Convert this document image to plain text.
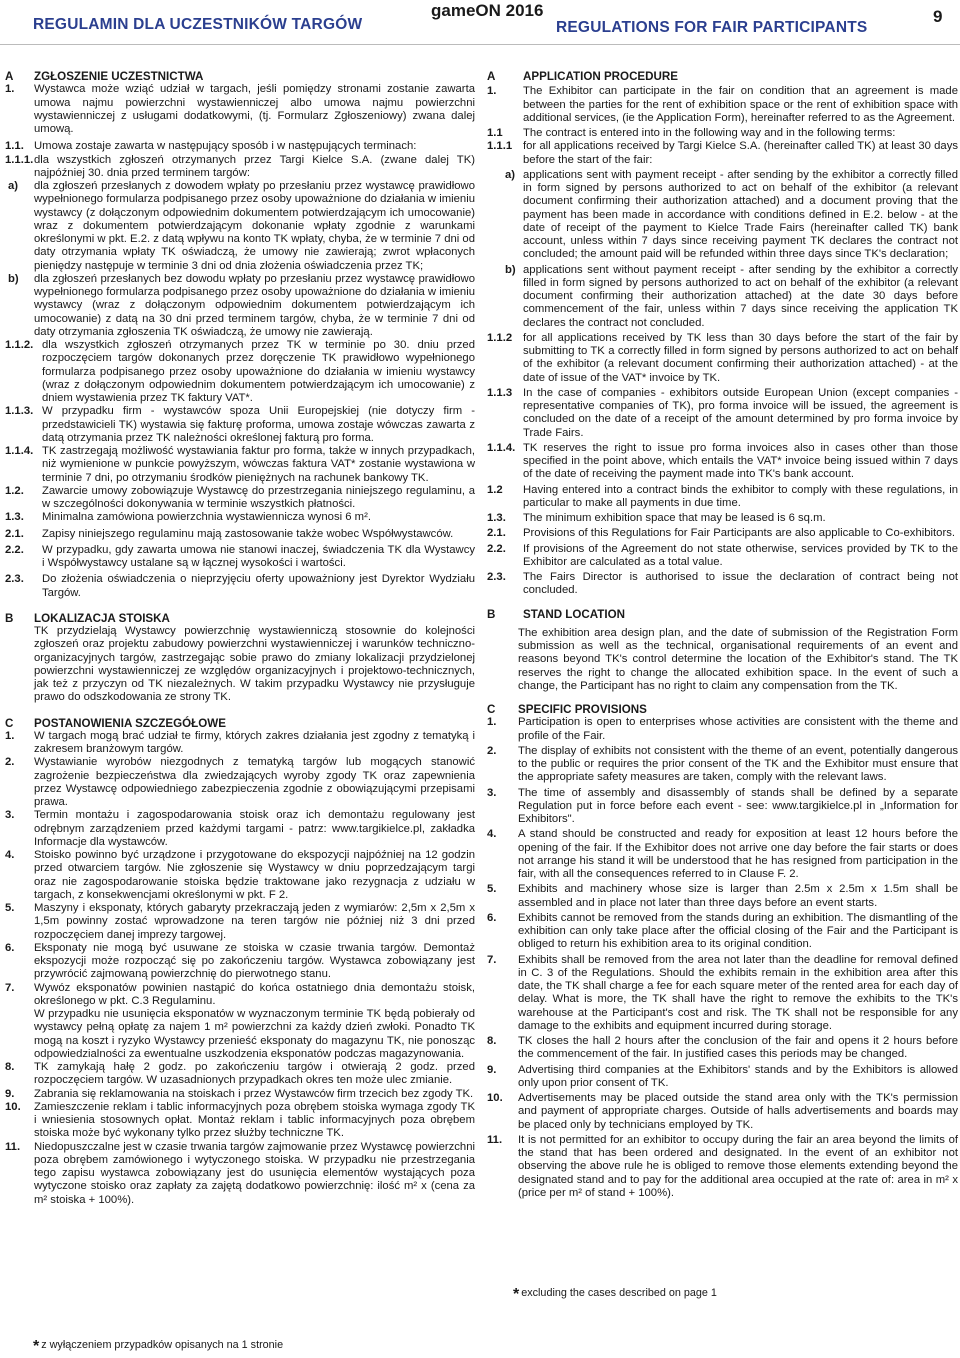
REGULAMIN DLA UCZESTNIKÓW TARGÓW
gameON 2016
REGULATIONS FOR FAIR PARTICIPANTS
9
A ZGŁOSZENIE UCZESTNICTWA
1. Wystawca może wziąć udział w targach, jeśli pomiędzy stronami zostanie zawarta umowa najmu powierzchni wystawienniczej albo umowa najmu powierzchni wystawienniczej z usługami dodatkowymi, (tj. Formularz Zgłoszeniowy) zwana dalej umową.
1.1. Umowa zostaje zawarta w następujący sposób i w następujących terminach:
1.1.1. dla wszystkich zgłoszeń otrzymanych przez Targi Kielce S.A. (zwane dalej TK) najpóźniej 30. dnia przed terminem targów:
a) dla zgłoszeń przesłanych z dowodem wpłaty po przesłaniu przez wystawcę prawidłowo wypełnionego formularza podpisanego przez osoby upoważnione do działania w imieniu wystawcy (z dołączonym odpowiednim dokumentem potwierdzającym ich umocowanie) wraz z dokumentem potwierdzającym dokonanie wpłaty zgodnie z warunkami określonymi w pkt. E.2. z datą wpływu na konto TK wpłaty, chyba, że w terminie 7 dni od daty otrzymania wpłaty TK oświadczą, że umowy nie zawierają; zwrot wpłaconych pieniędzy następuje w terminie 3 dni od dnia złożenia oświadczenia przez TK;
b) dla zgłoszeń przesłanych bez dowodu wpłaty po przesłaniu przez wystawcę prawidłowo wypełnionego formularza podpisanego przez osoby upoważnione do działania w imieniu wystawcy (wraz z dołączonym odpowiednim dokumentem potwierdzającym ich umocowanie) z datą na 30 dni przed terminem targów, chyba, że w terminie 7 dni od daty otrzymania zgłoszenia TK oświadczą, że umowy nie zawierają.
1.1.2. dla wszystkich zgłoszeń otrzymanych przez TK w terminie po 30. dniu przed rozpoczęciem targów dokonanych przez doręczenie TK prawidłowo wypełnionego formularza podpisanego przez osoby upoważnione do działania w imieniu wystawcy (wraz z dołączonym odpowiednim dokumentem potwierdzającym ich umocowanie) z dniem wystawienia przez TK faktury VAT*.
1.1.3. W przypadku firm - wystawców spoza Unii Europejskiej (nie dotyczy firm - przedstawicieli TK) wystawia się fakturę proforma, umowa zostaje wówczas zawarta z datą otrzymania przez TK należności określonej fakturą pro forma.
1.1.4. TK zastrzegają możliwość wystawiania faktur pro forma, także w innych przypadkach, niż wymienione w punkcie powyższym, wówczas faktura VAT* zostanie wystawiona w terminie 7 dni, po otrzymaniu środków pieniężnych na rachunek bankowy TK.
1.2. Zawarcie umowy zobowiązuje Wystawcę do przestrzegania niniejszego regulaminu, a w szczególności dokonywania w terminie wszystkich płatności.
1.3. Minimalna zamówiona powierzchnia wystawiennicza wynosi 6 m².
2.1. Zapisy niniejszego regulaminu mają zastosowanie także wobec Współwystawców.
2.2. W przypadku, gdy zawarta umowa nie stanowi inaczej, świadczenia TK dla Wystawcy i Współwystawcy ustalane są w łącznej wysokości i wartości.
2.3. Do złożenia oświadczenia o nieprzyjęciu oferty upoważniony jest Dyrektor Wydziału Targów.
B LOKALIZACJA STOISKA
TK przydzielają Wystawcy powierzchnię wystawienniczą stosownie do kolejności zgłoszeń oraz projektu zabudowy powierzchni wystawienniczej i warunków techniczno-organizacyjnych targów, zastrzegając sobie prawo do zmiany lokalizacji przydzielonej powierzchni wystawienniczej ze względów organizacyjnych i projektowo-technicznych, jak też z przyczyn od TK niezależnych. W takim przypadku Wystawcy nie przysługuje prawo do odszkodowania ze strony TK.
C POSTANOWIENIA SZCZEGÓŁOWE
1. W targach mogą brać udział te firmy, których zakres działania jest zgodny z tematyką i zakresem branżowym targów.
2. Wystawianie wyrobów niezgodnych z tematyką targów lub mogących stanowić zagrożenie bezpieczeństwa dla zwiedzających wyroby zgody TK oraz zapewnienia przez Wystawcę odpowiedniego zabezpieczenia zgodnie z obowiązującymi przepisami prawa.
3. Termin montażu i zagospodarowania stoisk oraz ich demontażu regulowany jest odrębnym zarządzeniem przed każdymi targami - patrz: www.targikielce.pl, zakładka Informacje dla wystawców.
4. Stoisko powinno być urządzone i przygotowane do ekspozycji najpóźniej na 12 godzin przed otwarciem targów. Nie zgłoszenie się Wystawcy w dniu poprzedzającym targi oraz nie zagospodarowanie stoiska będzie traktowane jako rezygnacja z udziału w targach, z konsekwencjami określonymi w pkt. F 2.
5. Maszyny i eksponaty, których gabaryty przekraczają jeden z wymiarów: 2,5m x 2,5m x 1,5m powinny zostać wprowadzone na teren targów nie później niż 3 dni przed rozpoczęciem danej imprezy targowej.
6. Eksponaty nie mogą być usuwane ze stoiska w czasie trwania targów. Demontaż ekspozycji może rozpocząć się po zakończeniu targów. Wystawca zobowiązany jest przywrócić zajmowaną powierzchnię do pierwotnego stanu.
7. Wywóz eksponatów powinien nastąpić do końca ostatniego dnia demontażu stoisk, określonego w pkt. C.3 Regulaminu.
W przypadku nie usunięcia eksponatów w wyznaczonym terminie TK będą pobierały od wystawcy pełną opłatę za najem 1 m² powierzchni za każdy dzień zwłoki. Ponadto TK mogą na koszt i ryzyko Wystawcy przenieść eksponaty do magazynu TK, nie ponosząc odpowiedzialności za ewentualne uszkodzenia eksponatów podczas magazynowania.
8. TK zamykają hałę 2 godz. po zakończeniu targów i otwierają 2 godz. przed rozpoczęciem targów. W uzasadnionych przypadkach okres ten może ulec zmianie.
9. Zabrania się reklamowania na stoiskach i przez Wystawców firm trzecich bez zgody TK.
10. Zamieszczenie reklam i tablic informacyjnych poza obrębem stoiska wymaga zgody TK i wniesienia stosownych opłat. Montaż reklam i tablic informacyjnych poza obrębem stoiska może być wykonany tylko przez służby techniczne TK.
11. Niedopuszczalne jest w czasie trwania targów zajmowanie przez Wystawcę powierzchni poza obrębem zamówionego i wytyczonego stoiska. W przypadku nie przestrzegania tego zapisu wystawca zobowiązany jest do usunięcia elementów wystających poza wytyczone stoisko oraz zapłaty za zajętą dodatkowo powierzchnię: ilość m² x (cena za m² stoiska + 100%).
A APPLICATION PROCEDURE
1. The Exhibitor can participate in the fair on condition that an agreement is made between the parties for the rent of exhibition space or the rent of exhibition space with additional services, (ie the Application Form), hereinafter referred to as the Agreement.
1.1 The contract is entered into in the following way and in the following terms:
1.1.1 for all applications received by Targi Kielce S.A. (hereinafter called TK) at least 30 days before the start of the fair:
a) applications sent with payment receipt - after sending by the exhibitor a correctly filled in form signed by persons authorized to act on behalf of the exhibitor (a relevant document confirming their authorization attached) and a document proving that the payment has been made in accordance with conditions defined in E.2. below - at the date of receipt of the payment to Kielce Trade Fairs (hereinafter called TK) bank account, unless within 7 days since receiving payment TK declares the contract not concluded; the amount paid will be refunded within three days since TK's declaration;
b) applications sent without payment receipt - after sending by the exhibitor a correctly filled in form signed by persons authorized to act on behalf of the exhibitor (a relevant document confirming their authorization attached) at the date 30 days before commencement of the fair, unless within 7 days since receiving the application TK declares the contract not concluded.
1.1.2 for all applications received by TK less than 30 days before the start of the fair by submitting to TK a correctly filled in form signed by persons authorized to act on behalf of the exhibitor (a relevant document confirming their authorization attached) - at the date of issue of the VAT* invoice by TK.
1.1.3 In the case of companies - exhibitors outside European Union (except companies - representative companies of TK), pro forma invoice will be issued, the agreement is concluded on the date of a receipt of the amount determined by pro forma invoice by Trade Fairs.
1.1.4. TK reserves the right to issue pro forma invoices also in cases other than those specified in the point above, which entails the VAT* invoice being issued within 7 days of the date of receiving the payment made into TK's bank account.
1.2 Having entered into a contract binds the exhibitor to comply with these regulations, in particular to make all payments in due time.
1.3. The minimum exhibition space that may be leased is 6 sq.m.
2.1. Provisions of this Regulations for Fair Participants are also applicable to Co-exhibitors.
2.2. If provisions of the Agreement do not state otherwise, services provided by TK to the Exhibitor are calculated as a total value.
2.3. The Fairs Director is authorised to issue the declaration of contract being not concluded.
B STAND LOCATION
The exhibition area design plan, and the date of submission of the Registration Form submission as well as the technical, organisational requirements of an event and reasons beyond TK's control determine the location of the Exhibitor's stand. The TK reserves the right to change the allocated exhibition space. In the event of such a change, the Participant has no right to claim any compensation from the TK.
C SPECIFIC PROVISIONS
1. Participation is open to enterprises whose activities are consistent with the theme and profile of the Fair.
2. The display of exhibits not consistent with the theme of an event, potentially dangerous to the public or requires the prior consent of the TK and the Exhibitor must ensure that the appropriate safety measures are taken, comply with the relevant laws.
3. The time of assembly and disassembly of stands shall be defined by a separate Regulation put in force before each event - see: www.targikielce.pl in „Information for Exhibitors".
4. A stand should be constructed and ready for exposition at least 12 hours before the opening of the fair. If the Exhibitor does not arrive one day before the fair starts or does not arrange his stand it will be understood that he has resigned from participation in the fair, with all the consequences referred to in Clause F. 2.
5. Exhibits and machinery whose size is larger than 2.5m x 2.5m x 1.5m shall be assembled and in place not later than three days before an event starts.
6. Exhibits cannot be removed from the stands during an exhibition. The dismantling of the exhibition can only take place after the official closing of the Fair and the Participant is obliged to return his exhibition area to its original condition.
7. Exhibits shall be removed from the area not later than the deadline for removal defined in C. 3 of the Regulations. Should the exhibits remain in the exhibition area after this date, the TK shall charge a fee for each square meter of the rented area for each day of delay. What is more, the TK shall have the right to remove the exhibits to the TK's warehouse at the Participant's cost and risk. The TK shall not be responsible for any damage to the exhibits and equipment incurred during storage.
8. TK closes the hall 2 hours after the conclusion of the fair and opens it 2 hours before the commencement of the fair. In justified cases this periods may be changed.
9. Advertising third companies at the Exhibitors' stands and by the Exhibitors is allowed only upon prior consent of TK.
10. Advertisements may be placed outside the stand area only with the TK's permission and payment of appropriate charges. Outside of halls advertisements and boards may be placed only by technicians employed by TK.
11. It is not permitted for an exhibitor to occupy during the fair an area beyond the limits of the stand that has been ordered and designated. In the event of an exhibitor not observing the above rule he is obliged to remove those elements extending beyond the designated stand and to pay for the additional area occupied at the rate of: area in m² x (price per m² of stand + 100%).
* excluding the cases described on page 1
* z wyłączeniem przypadków opisanych na 1 stronie
